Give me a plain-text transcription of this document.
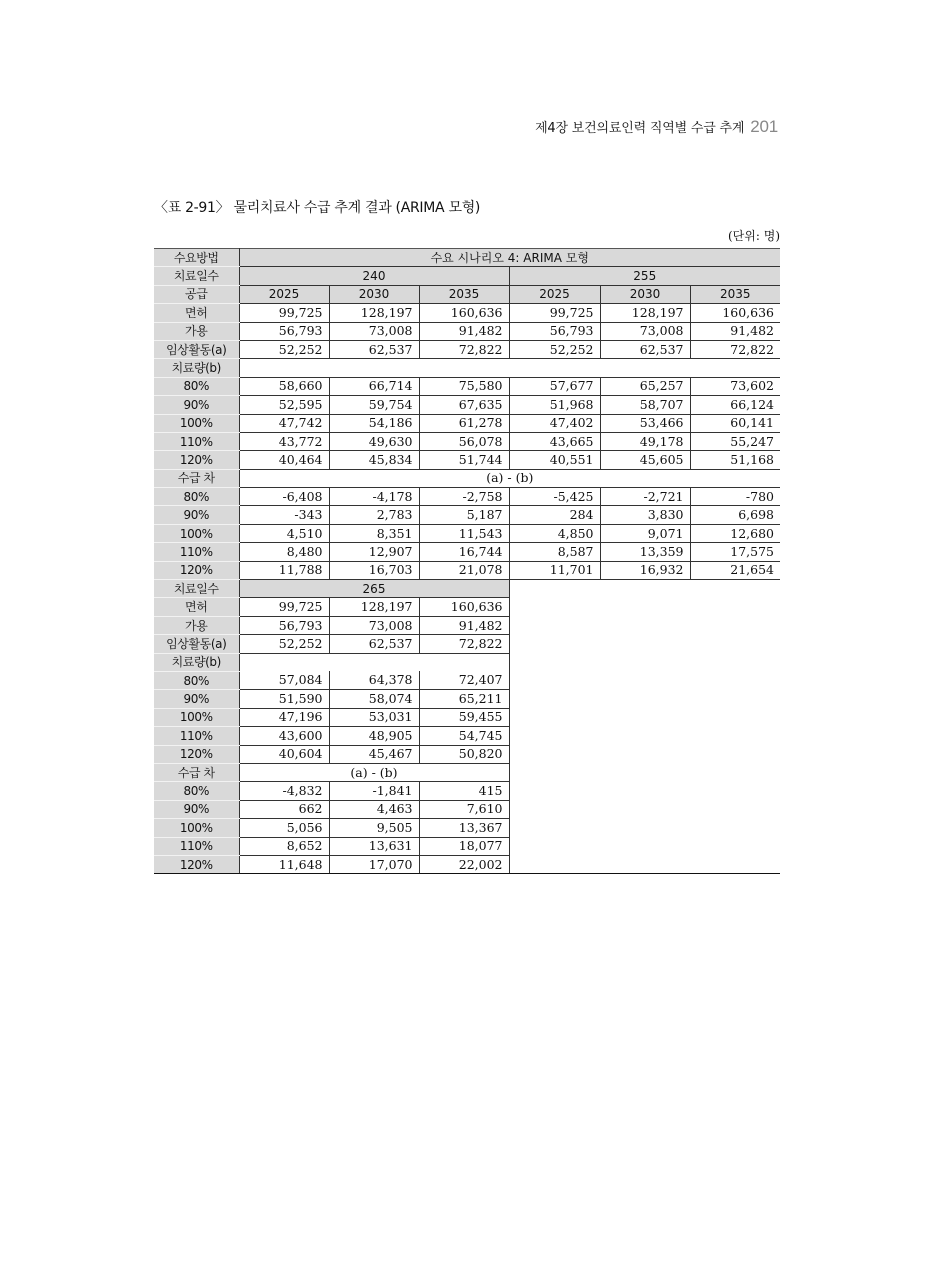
제4장 보건의료인력 직역별 수급 추계 201
〈표 2-91〉 물리치료사 수급 추계 결과 (ARIMA 모형)
(단위: 명)
수요방법	수요 시나리오 4: ARIMA 모형					
치료일수	240			255		
공급	2025	2030	2035	2025	2030	2035
면허	99,725	128,197	160,636	99,725	128,197	160,636
가용	56,793	73,008	91,482	56,793	73,008	91,482
임상활동(a)	52,252	62,537	72,822	52,252	62,537	72,822
치료량(b)						
80%	58,660	66,714	75,580	57,677	65,257	73,602
90%	52,595	59,754	67,635	51,968	58,707	66,124
100%	47,742	54,186	61,278	47,402	53,466	60,141
110%	43,772	49,630	56,078	43,665	49,178	55,247
120%	40,464	45,834	51,744	40,551	45,605	51,168
수급 차	(a) - (b)					
80%	-6,408	-4,178	-2,758	-5,425	-2,721	-780
90%	-343	2,783	5,187	284	3,830	6,698
100%	4,510	8,351	11,543	4,850	9,071	12,680
110%	8,480	12,907	16,744	8,587	13,359	17,575
120%	11,788	16,703	21,078	11,701	16,932	21,654
치료일수	265					
면허	99,725	128,197	160,636			
가용	56,793	73,008	91,482			
임상활동(a)	52,252	62,537	72,822			
치료량(b)						
80%	57,084	64,378	72,407			
90%	51,590	58,074	65,211			
100%	47,196	53,031	59,455			
110%	43,600	48,905	54,745			
120%	40,604	45,467	50,820			
수급 차	(a) - (b)					
80%	-4,832	-1,841	415			
90%	662	4,463	7,610			
100%	5,056	9,505	13,367			
110%	8,652	13,631	18,077			
120%	11,648	17,070	22,002			
